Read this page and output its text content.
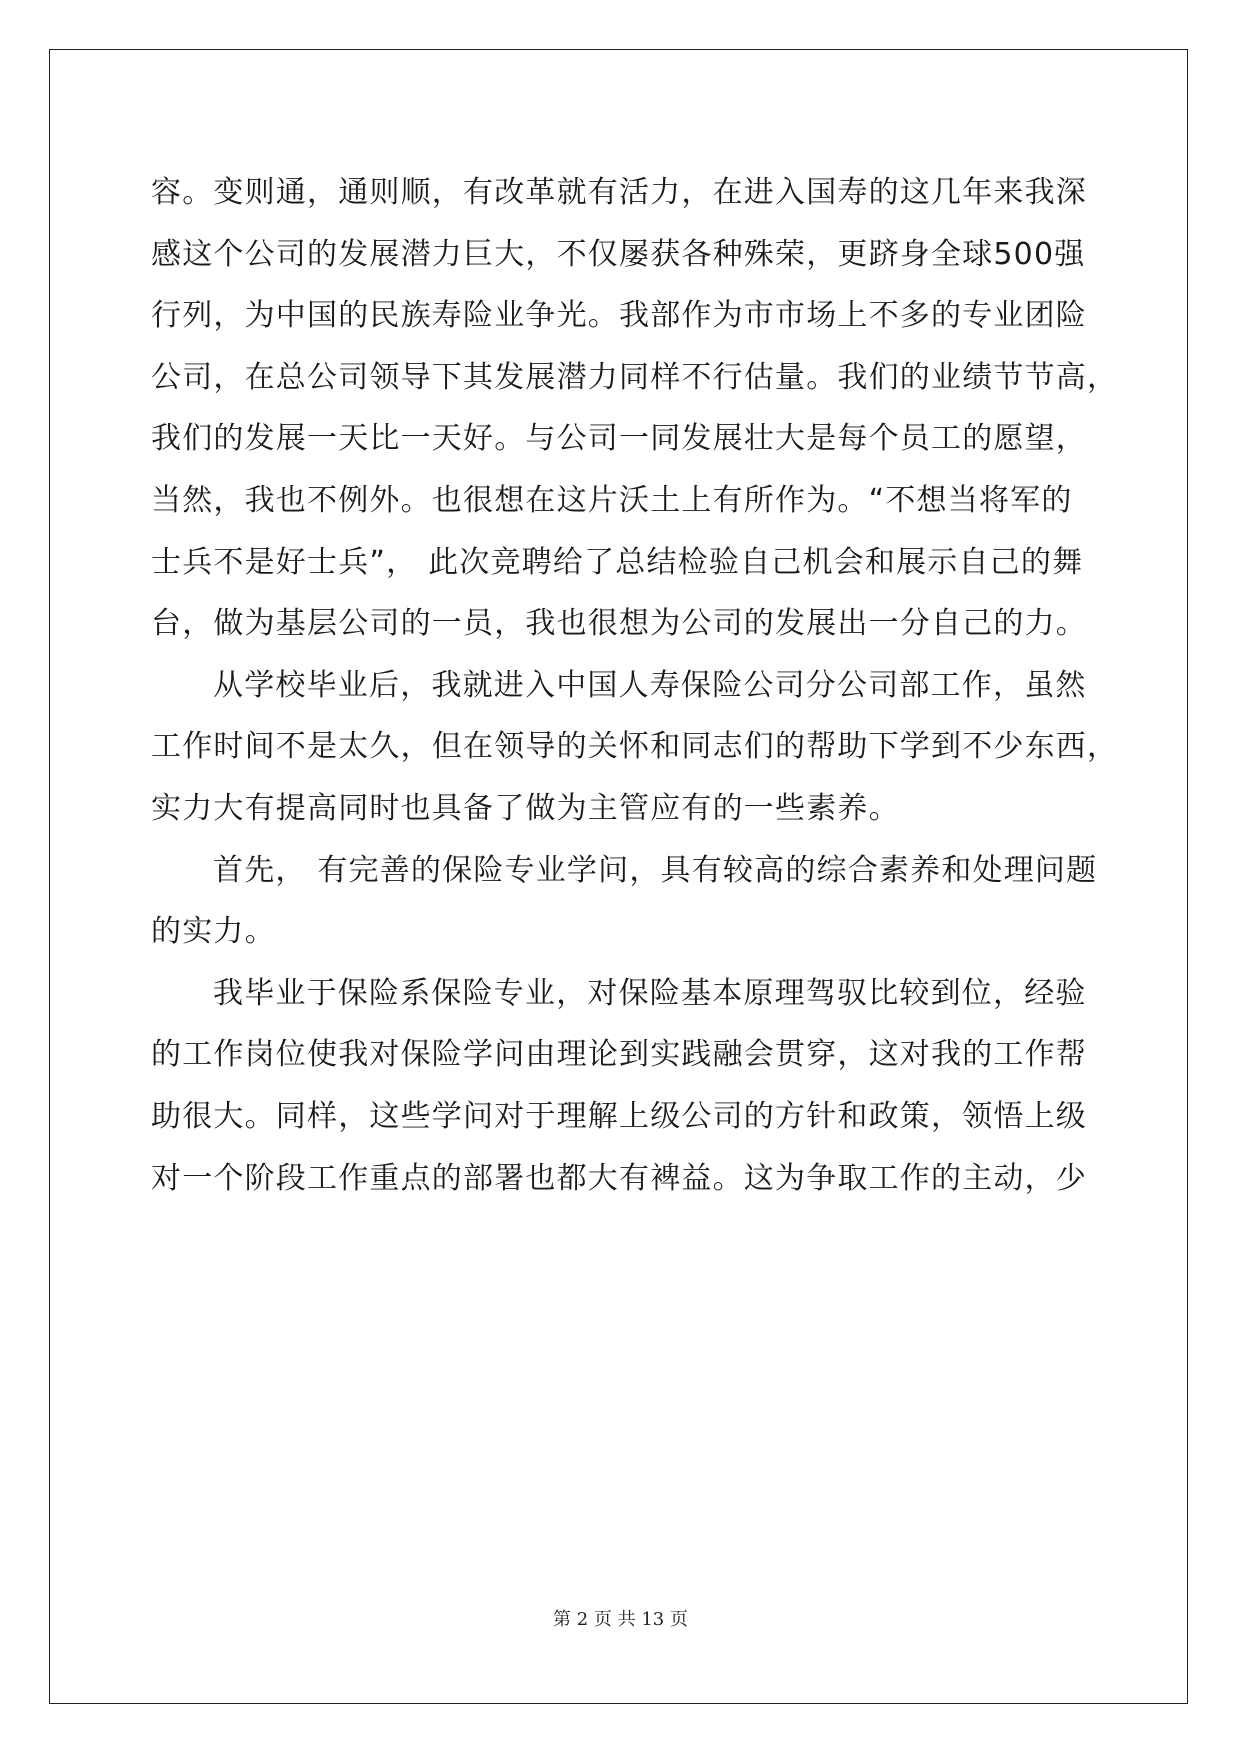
容。变则通，通则顺，有改革就有活力，在进入国寿的这几年来我深
感这个公司的发展潜力巨大，不仅屡获各种殊荣，更跻身全球500强
行列，为中国的民族寿险业争光。我部作为市市场上不多的专业团险
公司，在总公司领导下其发展潜力同样不行估量。我们的业绩节节高，
我们的发展一天比一天好。与公司一同发展壮大是每个员工的愿望，
当然，我也不例外。也很想在这片沃土上有所作为。“不想当将军的
士兵不是好士兵”， 此次竞聘给了总结检验自己机会和展示自己的舞
台，做为基层公司的一员，我也很想为公司的发展出一分自己的力。
从学校毕业后，我就进入中国人寿保险公司分公司部工作，虽然
工作时间不是太久，但在领导的关怀和同志们的帮助下学到不少东西，
实力大有提高同时也具备了做为主管应有的一些素养。
首先， 有完善的保险专业学问，具有较高的综合素养和处理问题
的实力。
我毕业于保险系保险专业，对保险基本原理驾驭比较到位，经验
的工作岗位使我对保险学问由理论到实践融会贯穿，这对我的工作帮
助很大。同样，这些学问对于理解上级公司的方针和政策，领悟上级
对一个阶段工作重点的部署也都大有裨益。这为争取工作的主动，少
第 2 页 共 13 页
